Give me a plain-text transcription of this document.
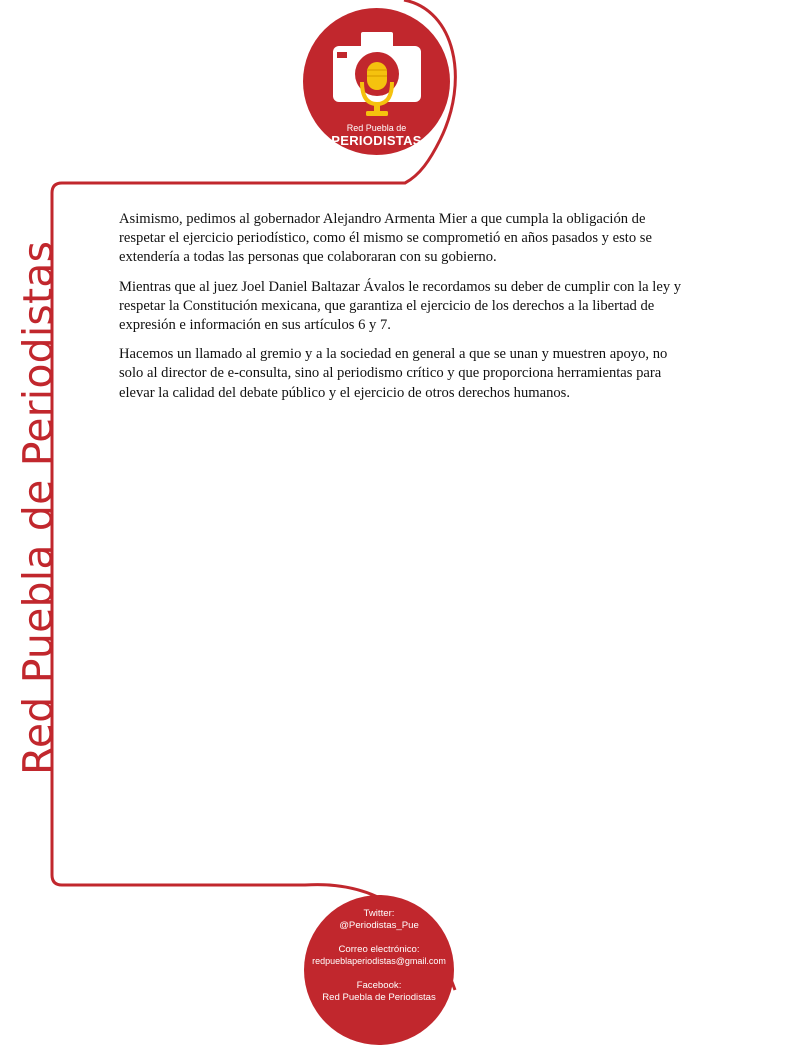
Red Puebla de
PERIODISTAS
Red Puebla de Periodistas

Asimismo, pedimos al gobernador Alejandro Armenta Mier a que cumpla la obligación de respetar el ejercicio periodístico, como él mismo se comprometió en años pasados y esto se extendería a todas las personas que colaboraran con su gobierno.

Mientras que al juez Joel Daniel Baltazar Ávalos le recordamos su deber de cumplir con la ley y respetar la Constitución mexicana, que garantiza el ejercicio de los derechos a la libertad de expresión e información en sus artículos 6 y 7.

Hacemos un llamado al gremio y a la sociedad en general a que se unan y muestren apoyo, no solo al director de e-consulta, sino al periodismo crítico y que proporciona herramientas para elevar la calidad del debate público y el ejercicio de otros derechos humanos.

Twitter:
@Periodistas_Pue
Correo electrónico:
redpueblaperiodistas@gmail.com
Facebook:
Red Puebla de Periodistas
